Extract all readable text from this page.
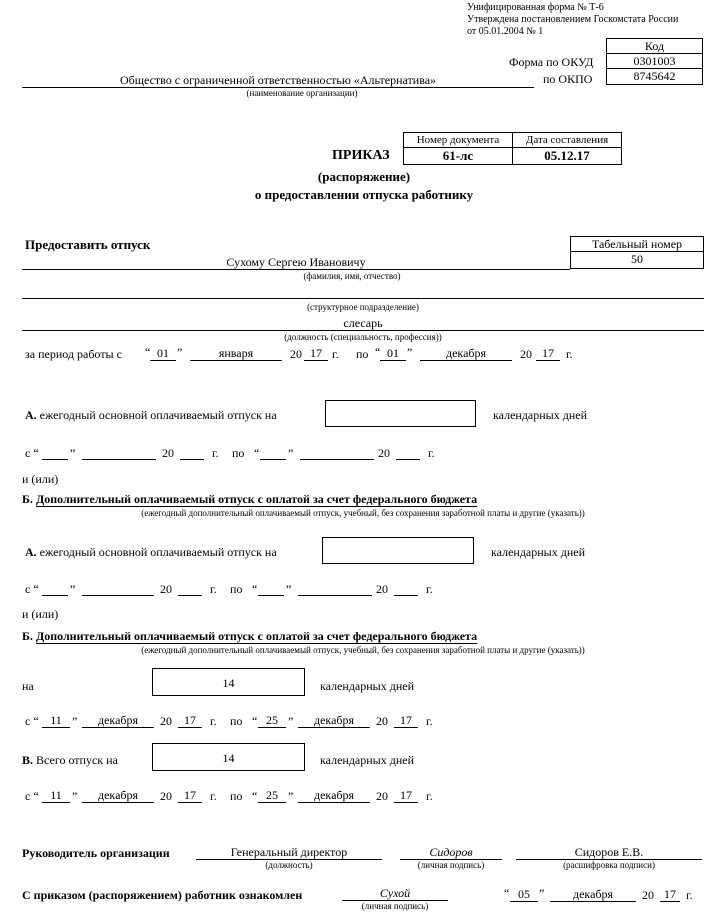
Унифицированная форма № Т-6
Утверждена постановлением Госкомстата России
от 05.01.2004 № 1
Код
Форма по ОКУД	0301003
по ОКПО	8745642
Общество с ограниченной ответственностью «Альтернатива»
(наименование организации)
Номер документа	Дата составления
ПРИКАЗ	61-лс	05.12.17
(распоряжение)
о предоставлении отпуска работнику
Предоставить отпуск	Табельный номер
50
Сухому Сергею Ивановичу
(фамилия, имя, отчество)
(структурное подразделение)
слесарь
(должность (специальность, профессия))
за период работы с “ 01 ”	января	20 17 г. по “ 01 ”	декабря	20 17	г.
А. ежегодный основной оплачиваемый отпуск на	календарных дней
с “	”	20	г. по “ ”	20	г.
и (или)
Б. Дополнительный оплачиваемый отпуск с оплатой за счет федерального бюджета
(ежегодный дополнительный оплачиваемый отпуск, учебный, без сохранения заработной платы и другие (указать))
А. ежегодный основной оплачиваемый отпуск на	календарных дней
с “	”	20	г. по “ ”	20	г.
и (или)
Б. Дополнительный оплачиваемый отпуск с оплатой за счет федерального бюджета
(ежегодный дополнительный оплачиваемый отпуск, учебный, без сохранения заработной платы и другие (указать))
на	14	календарных дней
с “ 11 ”	декабря	20	17	г. по “ 25 ”	декабря	20	17	г.
В. Всего отпуск на	14	календарных дней
с “ 11 ”	декабря	20	17	г. по “ 25 ”	декабря	20	17	г.
Руководитель организации	Генеральный директор
(должность)
Сидоров
(личная подпись)
Сидоров Е.В.
(расшифровка подписи)
С приказом (распоряжением) работник ознакомлен	Сухой
(личная подпись)
“ 05 ”	декабря	20 17 г.
